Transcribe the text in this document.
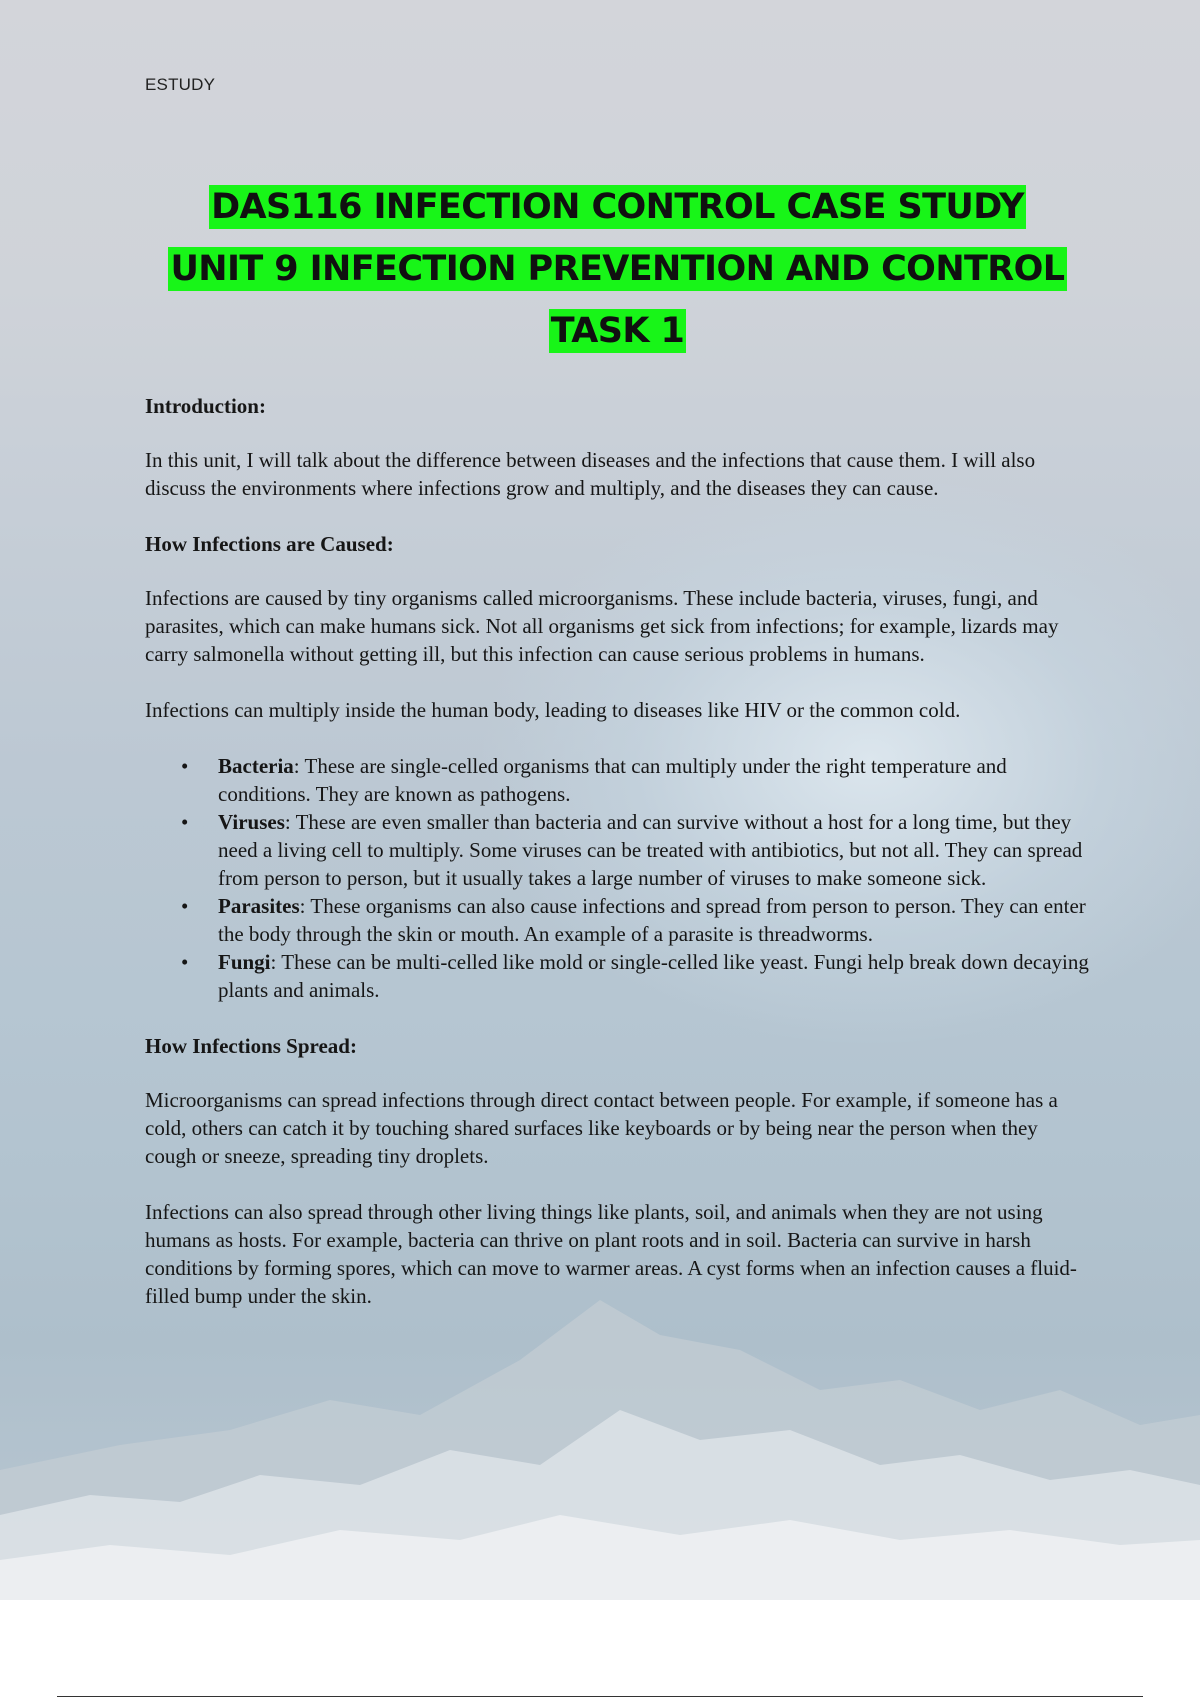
ESTUDY
DAS116 INFECTION CONTROL CASE STUDY
UNIT 9 INFECTION PREVENTION AND CONTROL
TASK 1
Introduction:

In this unit, I will talk about the difference between diseases and the infections that cause them. I will also discuss the environments where infections grow and multiply, and the diseases they can cause.

How Infections are Caused:

Infections are caused by tiny organisms called microorganisms. These include bacteria, viruses, fungi, and parasites, which can make humans sick. Not all organisms get sick from infections; for example, lizards may carry salmonella without getting ill, but this infection can cause serious problems in humans.

Infections can multiply inside the human body, leading to diseases like HIV or the common cold.

• Bacteria: These are single-celled organisms that can multiply under the right temperature and conditions. They are known as pathogens.
• Viruses: These are even smaller than bacteria and can survive without a host for a long time, but they need a living cell to multiply. Some viruses can be treated with antibiotics, but not all. They can spread from person to person, but it usually takes a large number of viruses to make someone sick.
• Parasites: These organisms can also cause infections and spread from person to person. They can enter the body through the skin or mouth. An example of a parasite is threadworms.
• Fungi: These can be multi-celled like mold or single-celled like yeast. Fungi help break down decaying plants and animals.
How Infections Spread:

Microorganisms can spread infections through direct contact between people. For example, if someone has a cold, others can catch it by touching shared surfaces like keyboards or by being near the person when they cough or sneeze, spreading tiny droplets.

Infections can also spread through other living things like plants, soil, and animals when they are not using humans as hosts. For example, bacteria can thrive on plant roots and in soil. Bacteria can survive in harsh conditions by forming spores, which can move to warmer areas. A cyst forms when an infection causes a fluid-filled bump under the skin.
